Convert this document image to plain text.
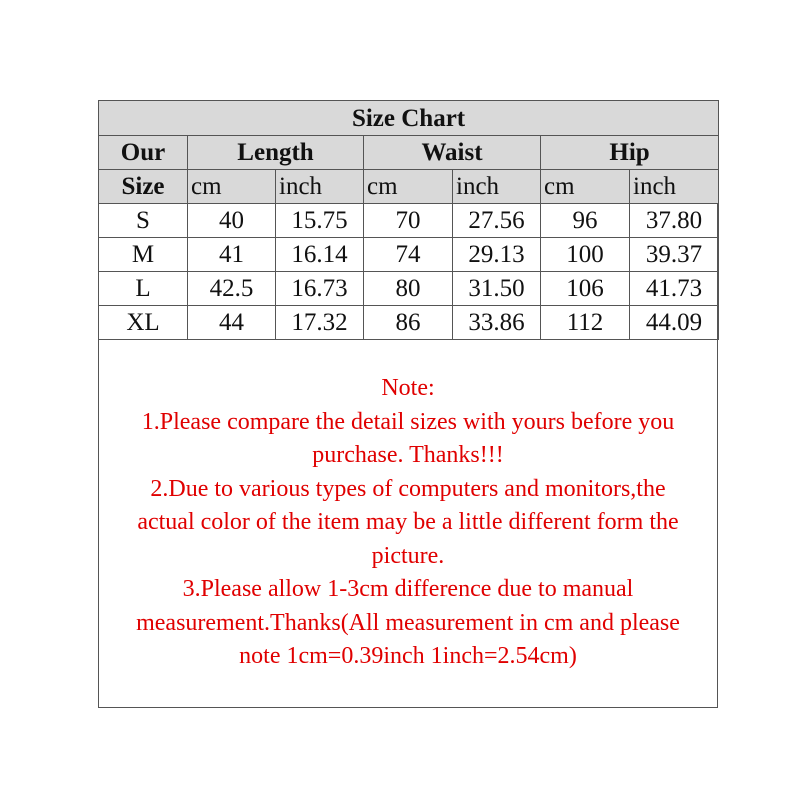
Size Chart						
Our	Length		Waist		Hip	
Size	cm	inch	cm	inch	cm	inch
S	40	15.75	70	27.56	96	37.80
M	41	16.14	74	29.13	100	39.37
L	42.5	16.73	80	31.50	106	41.73
XL	44	17.32	86	33.86	112	44.09
Note:
1.Please compare the detail sizes with yours before you
purchase. Thanks!!!
2.Due to various types of computers and monitors,the
actual color of the item may be a little different form the
picture.
3.Please allow 1-3cm difference due to manual
measurement.Thanks(All measurement in cm and please
note 1cm=0.39inch 1inch=2.54cm)
